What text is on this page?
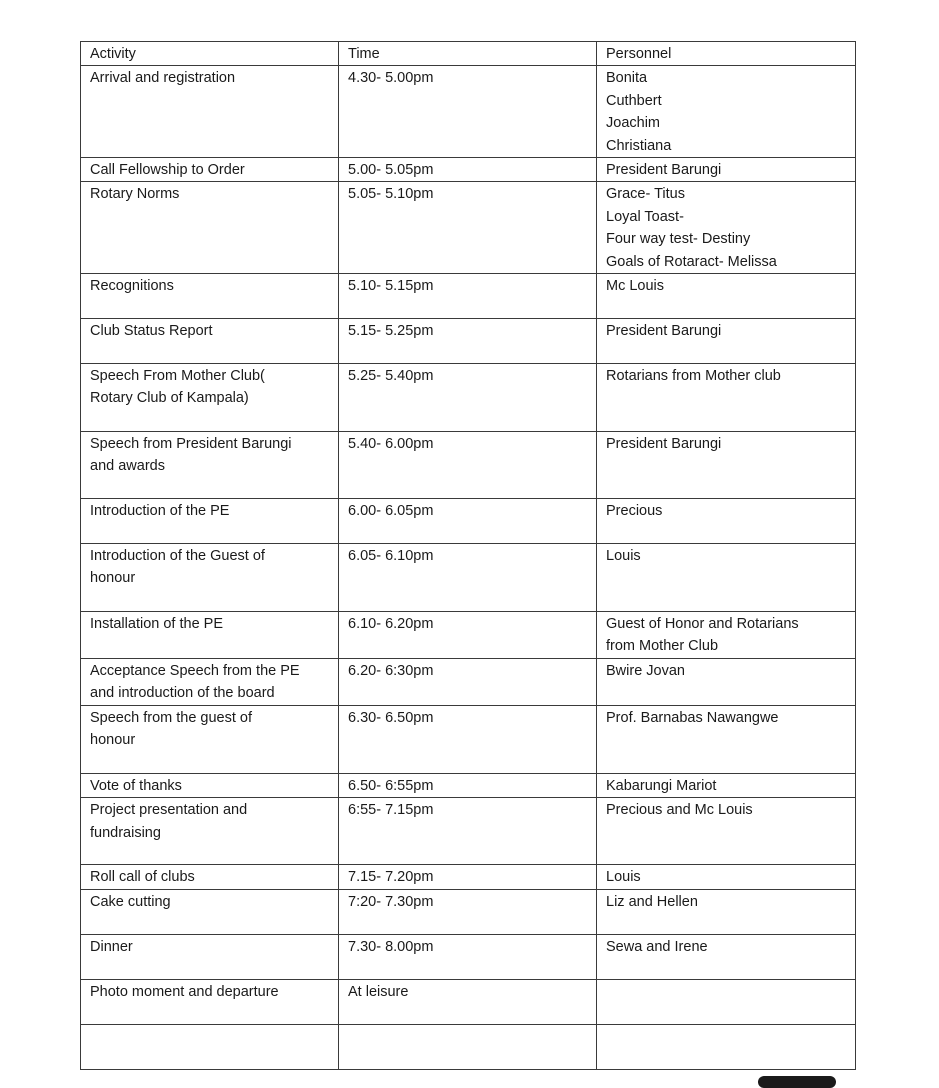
Activity	Time	Personnel

Arrival and registration	4.30- 5.00pm	Bonita
Cuthbert
Joachim
Christiana

Call Fellowship to Order	5.00- 5.05pm	President Barungi

Rotary Norms	5.05- 5.10pm	Grace- Titus
Loyal Toast-
Four way test- Destiny
Goals of Rotaract- Melissa

Recognitions	5.10- 5.15pm	Mc Louis

Club Status Report	5.15- 5.25pm	President Barungi

Speech From Mother Club(
Rotary Club of Kampala)	5.25- 5.40pm	Rotarians from Mother club

Speech from President Barungi
and awards	5.40- 6.00pm	President Barungi

Introduction of the PE	6.00- 6.05pm	Precious

Introduction of the Guest of
honour	6.05- 6.10pm	Louis

Installation of the PE	6.10- 6.20pm	Guest of Honor and Rotarians
from Mother Club

Acceptance Speech from the PE
and introduction of the board	6.20- 6:30pm	Bwire Jovan

Speech from the guest of
honour	6.30- 6.50pm	Prof. Barnabas Nawangwe

Vote of thanks	6.50- 6:55pm	Kabarungi Mariot

Project presentation and
fundraising	6:55- 7.15pm	Precious and Mc Louis

Roll call of clubs	7.15- 7.20pm	Louis

Cake cutting	7:20- 7.30pm	Liz and Hellen

Dinner	7.30- 8.00pm	Sewa and Irene

Photo moment and departure	At leisure	
